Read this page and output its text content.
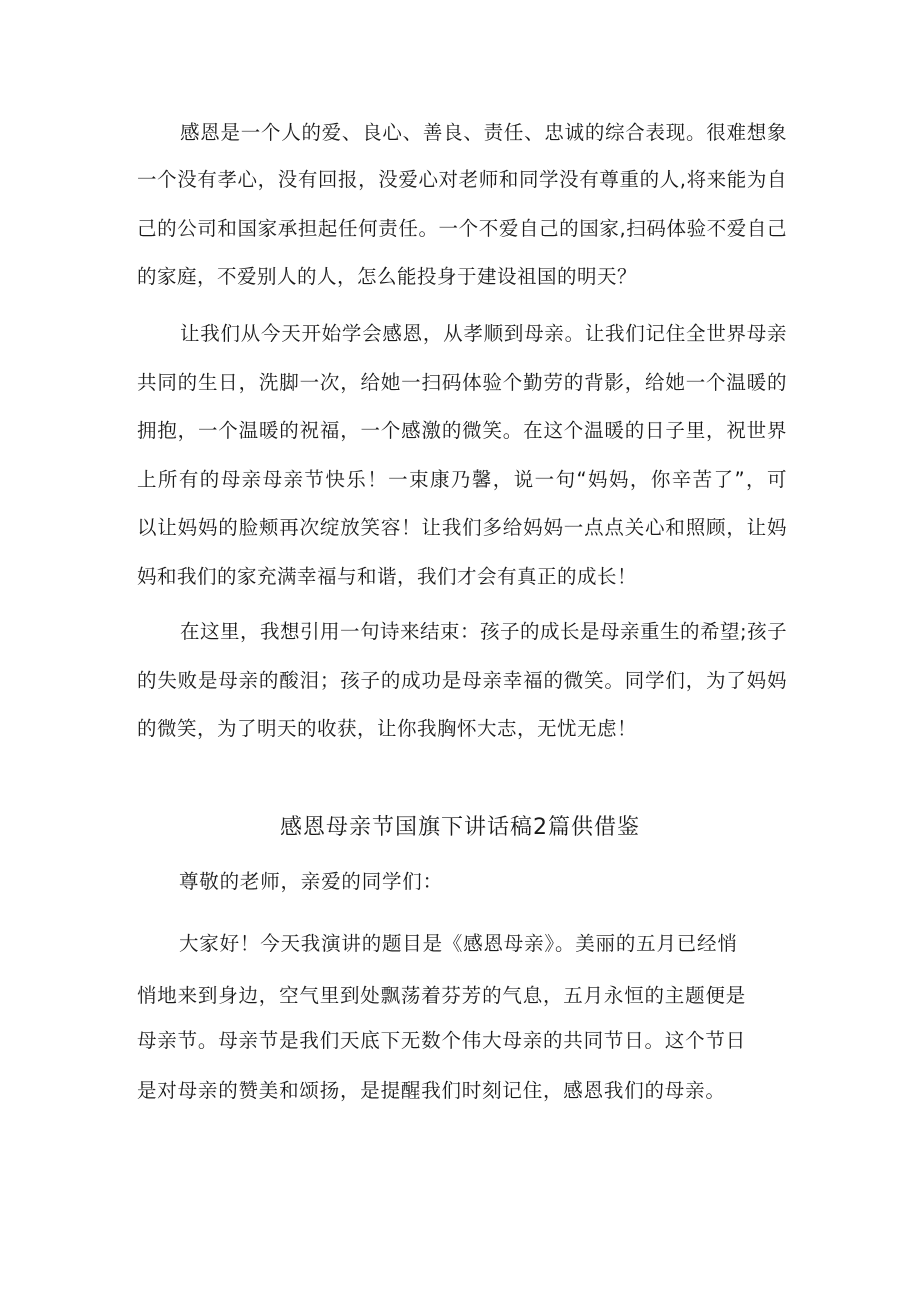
感恩是一个人的爱、良心、善良、责任、忠诚的综合表现。很难想象
一个没有孝心，没有回报，没爱心对老师和同学没有尊重的人,将来能为自
己的公司和国家承担起任何责任。一个不爱自己的国家,扫码体验不爱自己
的家庭，不爱别人的人，怎么能投身于建设祖国的明天？
让我们从今天开始学会感恩，从孝顺到母亲。让我们记住全世界母亲
共同的生日，洗脚一次，给她一扫码体验个勤劳的背影，给她一个温暖的
拥抱，一个温暖的祝福，一个感激的微笑。在这个温暖的日子里，祝世界
上所有的母亲母亲节快乐！一束康乃馨，说一句“妈妈，你辛苦了”，可
以让妈妈的脸颊再次绽放笑容！让我们多给妈妈一点点关心和照顾，让妈
妈和我们的家充满幸福与和谐，我们才会有真正的成长！
在这里，我想引用一句诗来结束：孩子的成长是母亲重生的希望;孩子
的失败是母亲的酸泪；孩子的成功是母亲幸福的微笑。同学们，为了妈妈
的微笑，为了明天的收获，让你我胸怀大志，无忧无虑！
感恩母亲节国旗下讲话稿2篇供借鉴
尊敬的老师，亲爱的同学们：
大家好！今天我演讲的题目是《感恩母亲》。美丽的五月已经悄
悄地来到身边，空气里到处飘荡着芬芳的气息，五月永恒的主题便是
母亲节。母亲节是我们天底下无数个伟大母亲的共同节日。这个节日
是对母亲的赞美和颂扬，是提醒我们时刻记住，感恩我们的母亲。
